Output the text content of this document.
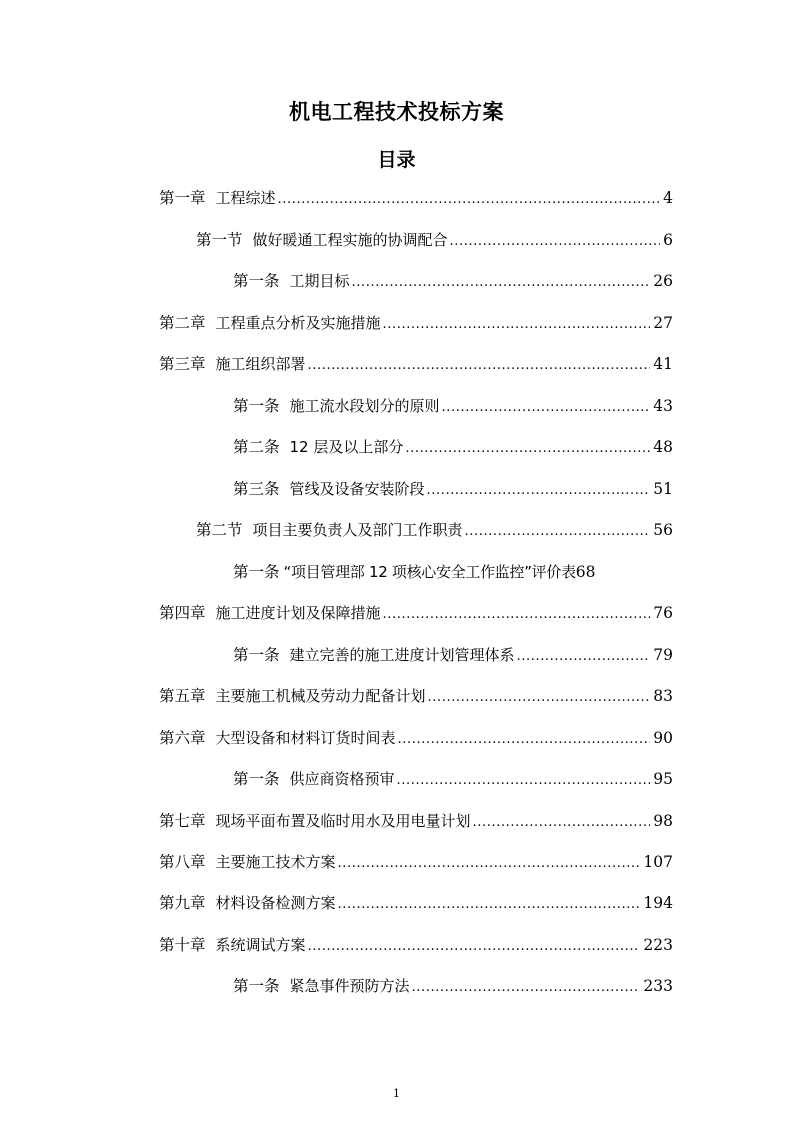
机电工程技术投标方案
目录
第一章 工程综述 .....	4
第一节 做好暖通工程实施的协调配合 .....	6
第一条 工期目标 .....	26
第二章 工程重点分析及实施措施 .....	27
第三章 施工组织部署 .....	41
第一条 施工流水段划分的原则 .....	43
第二条 12 层及以上部分 .....	48
第三条 管线及设备安装阶段 .....	51
第二节 项目主要负责人及部门工作职责 .....	56
第一条 “项目管理部 12 项核心安全工作监控”评价表 68
第四章 施工进度计划及保障措施 .....	76
第一条 建立完善的施工进度计划管理体系 .....	79
第五章 主要施工机械及劳动力配备计划 .....	83
第六章 大型设备和材料订货时间表 .....	90
第一条 供应商资格预审 .....	95
第七章 现场平面布置及临时用水及用电量计划 .....	98
第八章 主要施工技术方案 .....	107
第九章 材料设备检测方案 .....	194
第十章 系统调试方案 .....	223
第一条 紧急事件预防方法 .....	233
1
